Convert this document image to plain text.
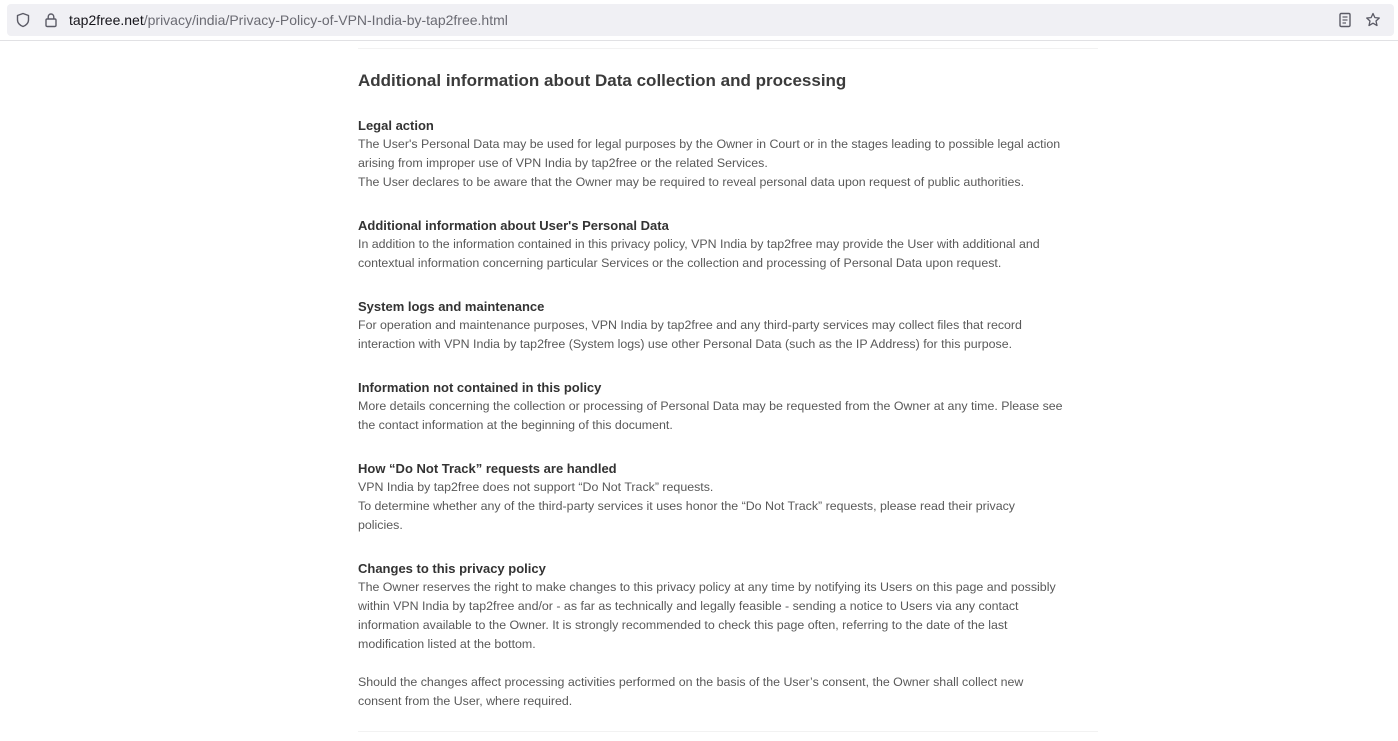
tap2free.net/privacy/india/Privacy-Policy-of-VPN-India-by-tap2free.html
Additional information about Data collection and processing
Legal action

The User's Personal Data may be used for legal purposes by the Owner in Court or in the stages leading to possible legal action
arising from improper use of VPN India by tap2free or the related Services.
The User declares to be aware that the Owner may be required to reveal personal data upon request of public authorities.

Additional information about User's Personal Data

In addition to the information contained in this privacy policy, VPN India by tap2free may provide the User with additional and
contextual information concerning particular Services or the collection and processing of Personal Data upon request.

System logs and maintenance

For operation and maintenance purposes, VPN India by tap2free and any third-party services may collect files that record
interaction with VPN India by tap2free (System logs) use other Personal Data (such as the IP Address) for this purpose.

Information not contained in this policy

More details concerning the collection or processing of Personal Data may be requested from the Owner at any time. Please see
the contact information at the beginning of this document.

How “Do Not Track” requests are handled

VPN India by tap2free does not support “Do Not Track” requests.
To determine whether any of the third-party services it uses honor the “Do Not Track” requests, please read their privacy
policies.

Changes to this privacy policy

The Owner reserves the right to make changes to this privacy policy at any time by notifying its Users on this page and possibly
within VPN India by tap2free and/or - as far as technically and legally feasible - sending a notice to Users via any contact
information available to the Owner. It is strongly recommended to check this page often, referring to the date of the last
modification listed at the bottom.
Should the changes affect processing activities performed on the basis of the User’s consent, the Owner shall collect new
consent from the User, where required.
